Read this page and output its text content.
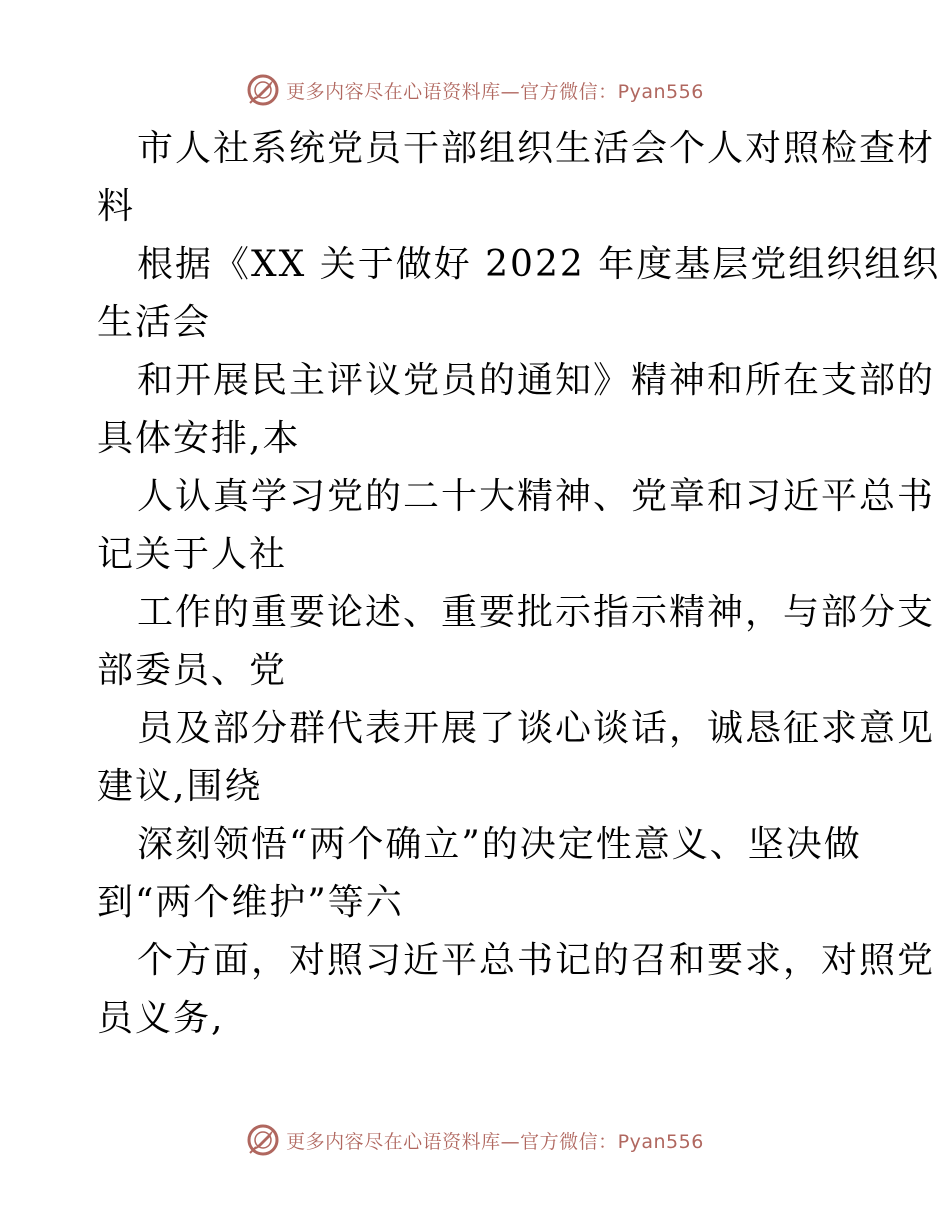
更多内容尽在心语资料库—官方微信：Pyan556
市人社系统党员干部组织生活会个人对照检查材
料
根据《XX 关于做好 2022 年度基层党组织组织
生活会
和开展民主评议党员的通知》精神和所在支部的
具体安排,本
人认真学习党的二十大精神、党章和习近平总书
记关于人社
工作的重要论述、重要批示指示精神，与部分支
部委员、党
员及部分群代表开展了谈心谈话，诚恳征求意见
建议,围绕
深刻领悟“两个确立”的决定性意义、坚决做
到“两个维护”等六
个方面，对照习近平总书记的召和要求，对照党
员义务,
更多内容尽在心语资料库—官方微信：Pyan556
